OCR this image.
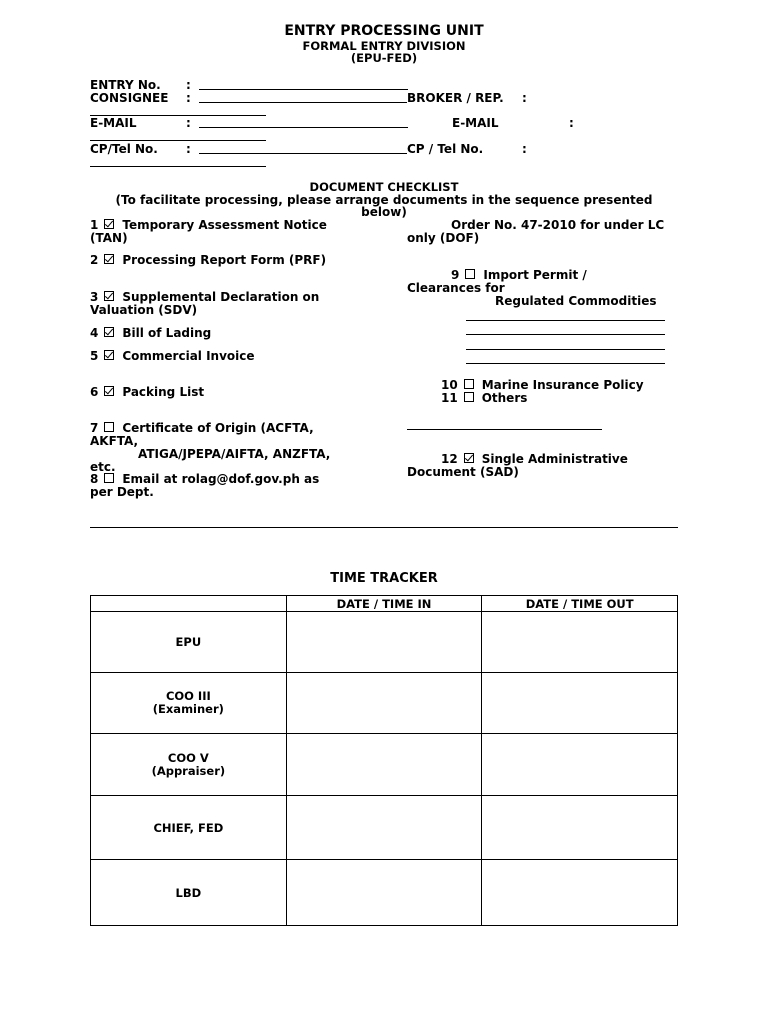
ENTRY PROCESSING UNIT
FORMAL ENTRY DIVISION
(EPU-FED)
ENTRY No. :
CONSIGNEE :	BROKER / REP. :
E-MAIL	:	E-MAIL	:
CP/Tel No. :	CP / Tel No.	:
DOCUMENT CHECKLIST
(To facilitate processing, please arrange documents in the sequence presented
below)
1 Temporary Assessment Notice
(TAN)
2 Processing Report Form (PRF)
3 Supplemental Declaration on
Valuation (SDV)
4 Bill of Lading
5 Commercial Invoice
6 Packing List
7 Certificate of Origin (ACFTA,
AKFTA,
ATIGA/JPEPA/AIFTA, ANZFTA,
etc.
8 Email at rolag@dof.gov.ph as
per Dept.
Order No. 47-2010 for under LC
only (DOF)
9 Import Permit /
Clearances for
Regulated Commodities
10 Marine Insurance Policy
11 Others
12 Single Administrative
Document (SAD)
TIME TRACKER
	DATE / TIME IN	DATE / TIME OUT
EPU		
COO III
(Examiner)		
COO V
(Appraiser)		
CHIEF, FED		
LBD		
